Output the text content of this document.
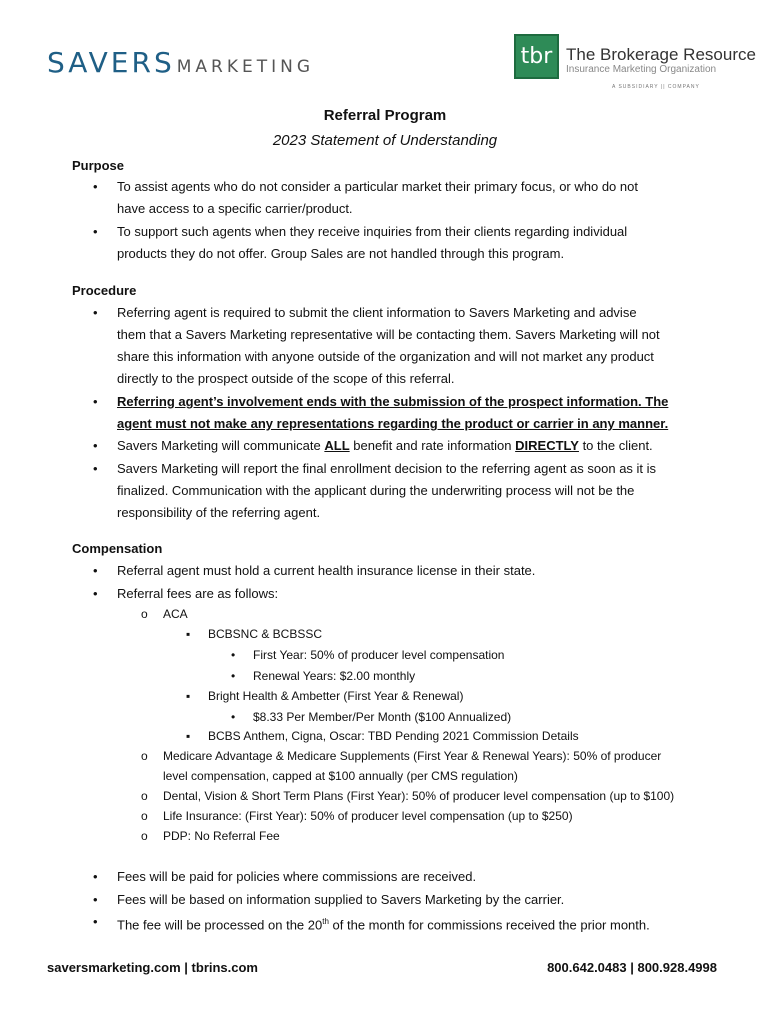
SAVERS MARKETING	tbr The Brokerage Resource
Insurance Marketing Organization
A SUBSIDIARY || COMPANY
Referral Program
2023 Statement of Understanding
Purpose
• To assist agents who do not consider a particular market their primary focus, or who do not
have access to a specific carrier/product.
• To support such agents when they receive inquiries from their clients regarding individual
products they do not offer. Group Sales are not handled through this program.
Procedure
• Referring agent is required to submit the client information to Savers Marketing and advise
them that a Savers Marketing representative will be contacting them. Savers Marketing will not
share this information with anyone outside of the organization and will not market any product
directly to the prospect outside of the scope of this referral.
• Referring agent’s involvement ends with the submission of the prospect information. The
agent must not make any representations regarding the product or carrier in any manner.
• Savers Marketing will communicate ALL benefit and rate information DIRECTLY to the client.
• Savers Marketing will report the final enrollment decision to the referring agent as soon as it is
finalized. Communication with the applicant during the underwriting process will not be the
responsibility of the referring agent.
Compensation
• Referral agent must hold a current health insurance license in their state.
• Referral fees are as follows:
o ACA
▪ BCBSNC & BCBSSC
• First Year: 50% of producer level compensation
• Renewal Years: $2.00 monthly
▪ Bright Health & Ambetter (First Year & Renewal)
• $8.33 Per Member/Per Month ($100 Annualized)
▪ BCBS Anthem, Cigna, Oscar: TBD Pending 2021 Commission Details
o Medicare Advantage & Medicare Supplements (First Year & Renewal Years): 50% of producer
level compensation, capped at $100 annually (per CMS regulation)
o Dental, Vision & Short Term Plans (First Year): 50% of producer level compensation (up to $100)
o Life Insurance: (First Year): 50% of producer level compensation (up to $250)
o PDP: No Referral Fee
• Fees will be paid for policies where commissions are received.
• Fees will be based on information supplied to Savers Marketing by the carrier.
• The fee will be processed on the 20th of the month for commissions received the prior month.
saversmarketing.com | tbrins.com	800.642.0483 | 800.928.4998
